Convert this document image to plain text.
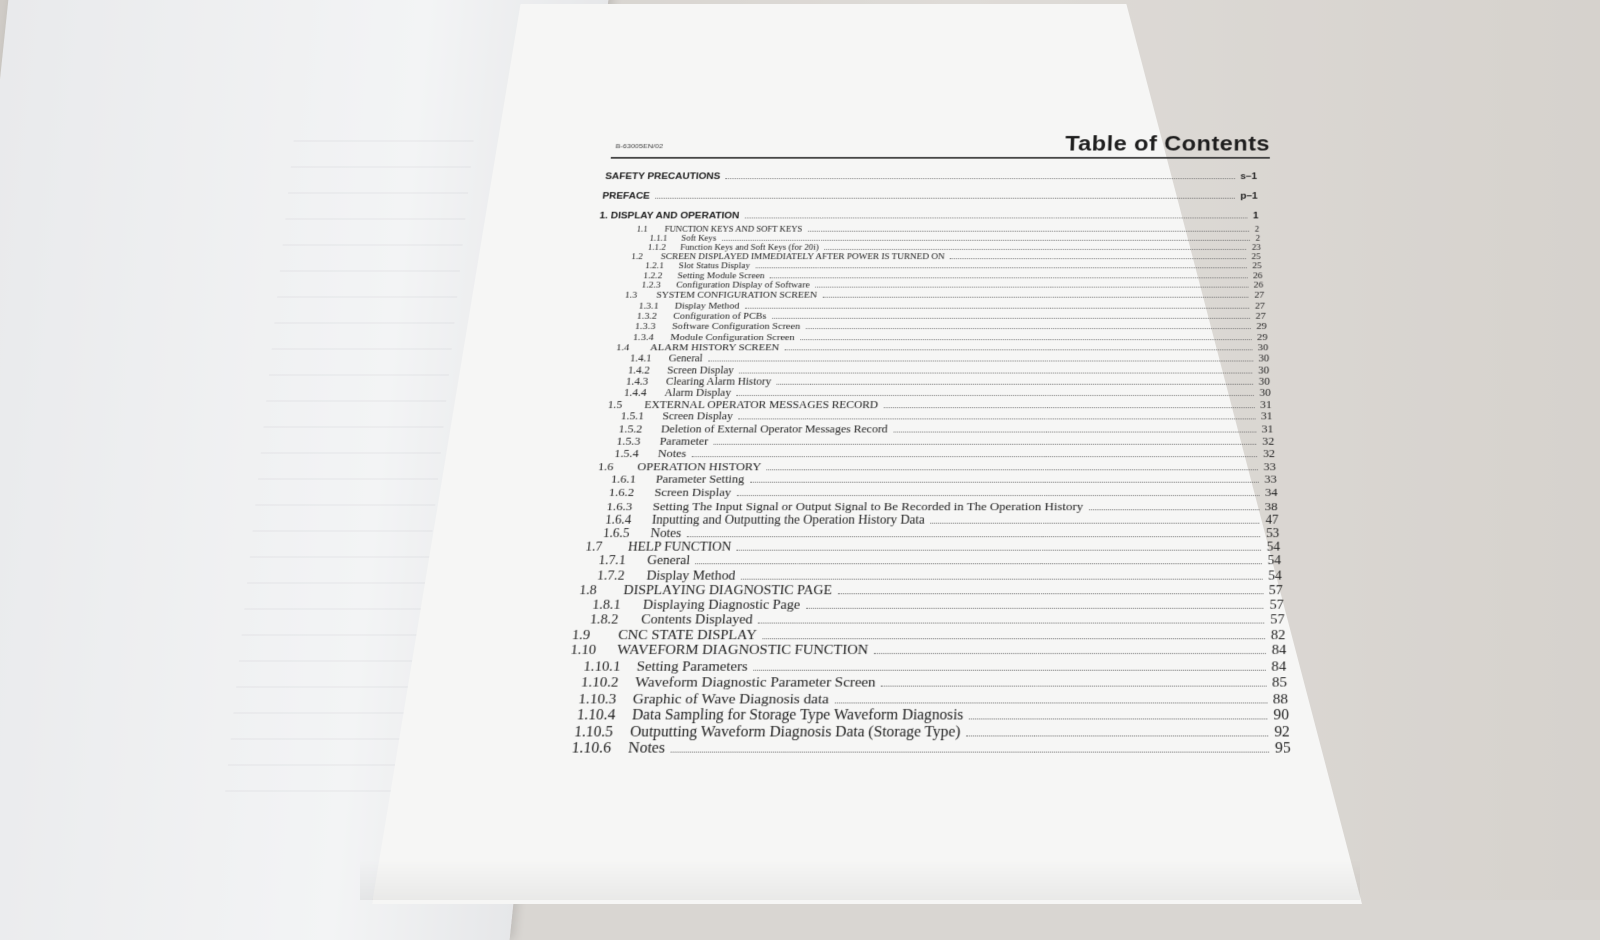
B-63005EN/02	Table of Contents
SAFETY PRECAUTIONS	s–1
PREFACE	p–1
1. DISPLAY AND OPERATION	1
1.1	FUNCTION KEYS AND SOFT KEYS	2
1.1.1	Soft Keys	2
1.1.2	Function Keys and Soft Keys (for 20i)	23
1.2	SCREEN DISPLAYED IMMEDIATELY AFTER POWER IS TURNED ON	25
1.2.1	Slot Status Display	25
1.2.2	Setting Module Screen	26
1.2.3	Configuration Display of Software	26
1.3	SYSTEM CONFIGURATION SCREEN	27
1.3.1	Display Method	27
1.3.2	Configuration of PCBs	27
1.3.3	Software Configuration Screen	29
1.3.4	Module Configuration Screen	29
1.4	ALARM HISTORY SCREEN	30
1.4.1	General	30
1.4.2	Screen Display	30
1.4.3	Clearing Alarm History	30
1.4.4	Alarm Display	30
1.5	EXTERNAL OPERATOR MESSAGES RECORD	31
1.5.1	Screen Display	31
1.5.2	Deletion of External Operator Messages Record	31
1.5.3	Parameter	32
1.5.4	Notes	32
1.6	OPERATION HISTORY	33
1.6.1	Parameter Setting	33
1.6.2	Screen Display	34
1.6.3	Setting The Input Signal or Output Signal to Be Recorded in The Operation History	38
1.6.4	Inputting and Outputting the Operation History Data	47
1.6.5	Notes	53
1.7	HELP FUNCTION	54
1.7.1	General	54
1.7.2	Display Method	54
1.8	DISPLAYING DIAGNOSTIC PAGE	57
1.8.1	Displaying Diagnostic Page	57
1.8.2	Contents Displayed	57
1.9	CNC STATE DISPLAY	82
1.10	WAVEFORM DIAGNOSTIC FUNCTION	84
1.10.1 Setting Parameters	84
1.10.2 Waveform Diagnostic Parameter Screen	85
1.10.3 Graphic of Wave Diagnosis data	88
1.10.4 Data Sampling for Storage Type Waveform Diagnosis	90
1.10.5 Outputting Waveform Diagnosis Data (Storage Type)	92
1.10.6 Notes	95
